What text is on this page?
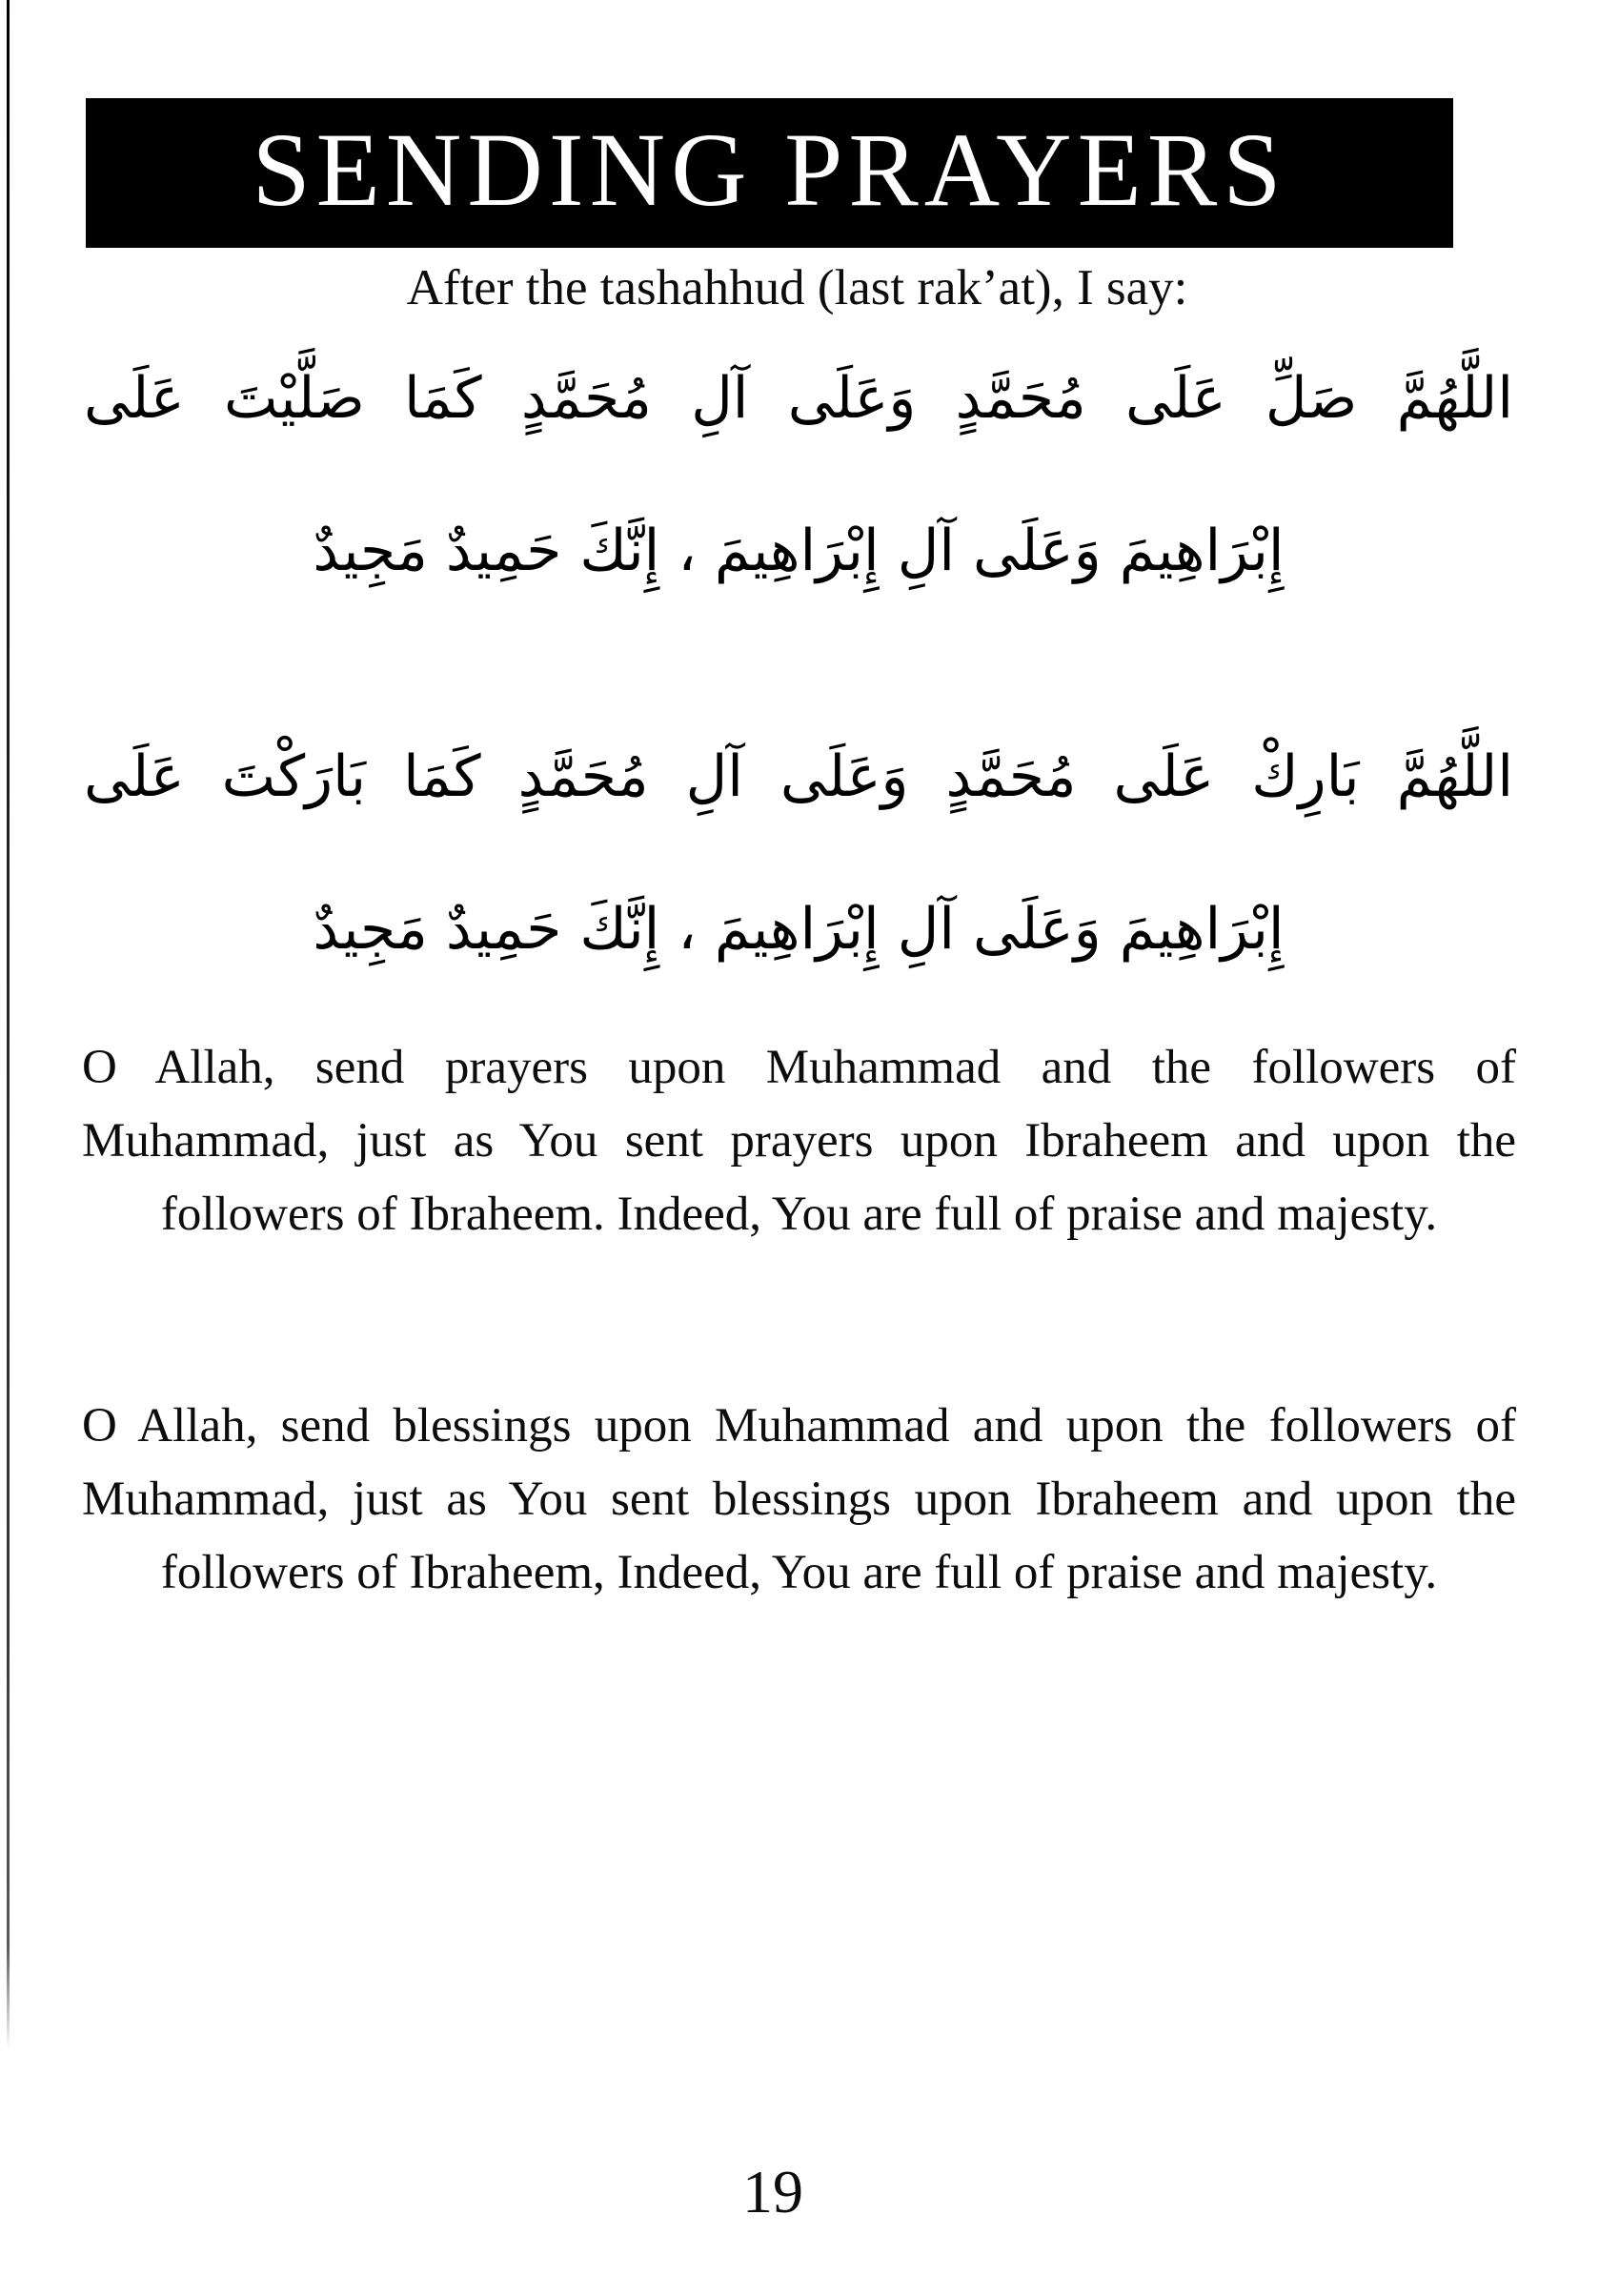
SENDING PRAYERS

After the tashahhud (last rak’at), I say:

اللَّهُمَّ صَلِّ عَلَى مُحَمَّدٍ وَعَلَى آلِ مُحَمَّدٍ كَمَا صَلَّيْتَ عَلَى
إِبْرَاهِيمَ وَعَلَى آلِ إِبْرَاهِيمَ ، إِنَّكَ حَمِيدٌ مَجِيدٌ
اللَّهُمَّ بَارِكْ عَلَى مُحَمَّدٍ وَعَلَى آلِ مُحَمَّدٍ كَمَا بَارَكْتَ عَلَى
إِبْرَاهِيمَ وَعَلَى آلِ إِبْرَاهِيمَ ، إِنَّكَ حَمِيدٌ مَجِيدٌ

O Allah, send prayers upon Muhammad and the followers of Muhammad, just as You sent prayers upon Ibraheem and upon the followers of Ibraheem. Indeed, You are full of praise and majesty.

O Allah, send blessings upon Muhammad and upon the followers of Muhammad, just as You sent blessings upon Ibraheem and upon the followers of Ibraheem, Indeed, You are full of praise and majesty.

19
